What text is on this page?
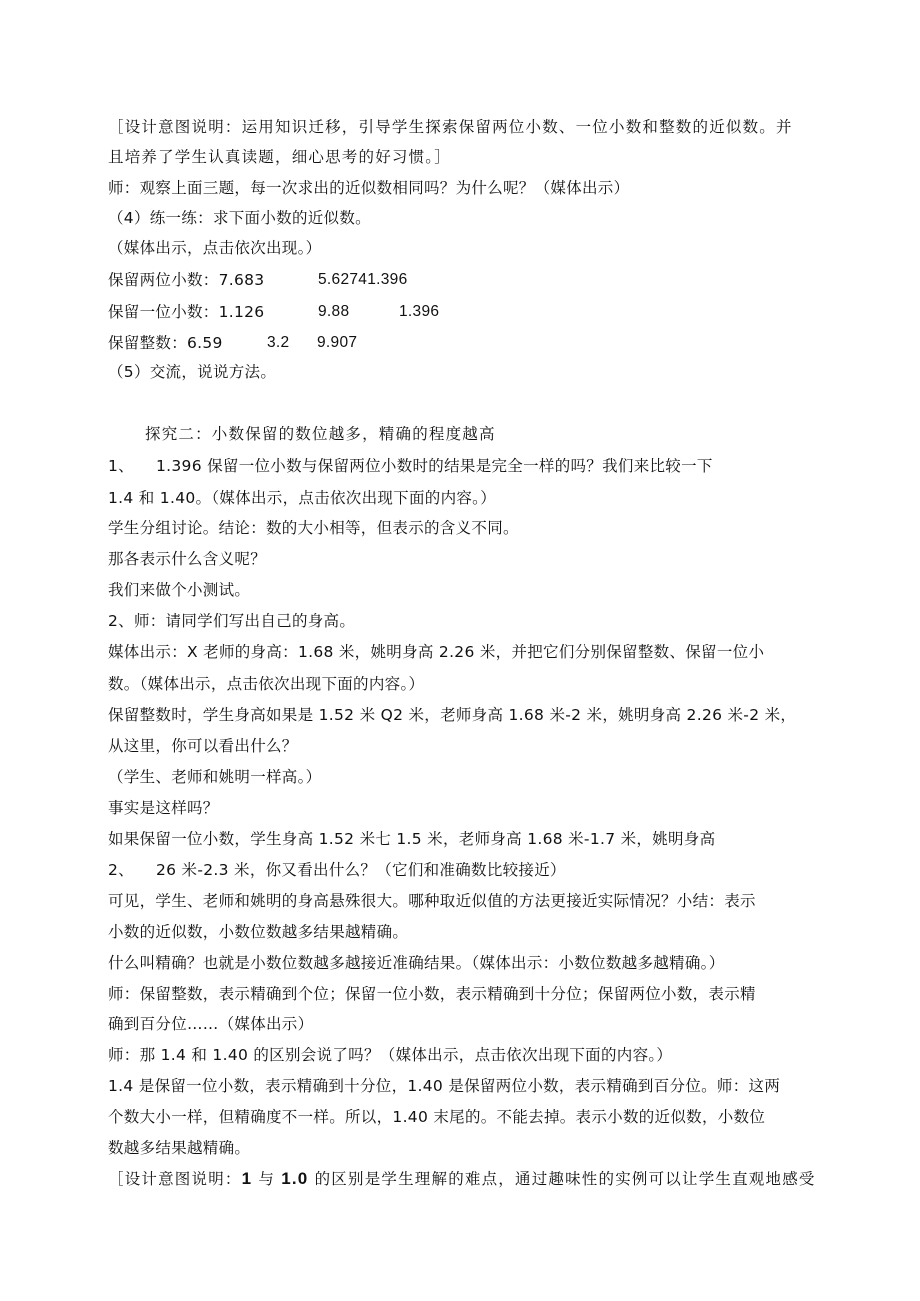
［设计意图说明：运用知识迁移，引导学生探索保留两位小数、一位小数和整数的近似数。并
且培养了学生认真读题，细心思考的好习惯。］
师：观察上面三题，每一次求出的近似数相同吗？为什么呢？（媒体出示）
（4）练一练：求下面小数的近似数。
（媒体出示，点击依次出现。）
保留两位小数：7.683	5.62741.396
保留一位小数：1.126	9.88	1.396
保留整数：6.59	3.2 9.907
（5）交流，说说方法。
探究二：小数保留的数位越多，精确的程度越高
1、 1.396 保留一位小数与保留两位小数时的结果是完全一样的吗？我们来比较一下
1.4 和 1.40。（媒体出示，点击依次出现下面的内容。）
学生分组讨论。结论：数的大小相等，但表示的含义不同。
那各表示什么含义呢？
我们来做个小测试。
2、师：请同学们写出自己的身高。
媒体出示：X 老师的身高：1.68 米，姚明身高 2.26 米，并把它们分别保留整数、保留一位小
数。（媒体出示，点击依次出现下面的内容。）
保留整数时，学生身高如果是 1.52 米 Q2 米，老师身高 1.68 米-2 米，姚明身高 2.26 米-2 米，
从这里，你可以看出什么？
（学生、老师和姚明一样高。）
事实是这样吗？
如果保留一位小数，学生身高 1.52 米七 1.5 米，老师身高 1.68 米-1.7 米，姚明身高
2、 26 米-2.3 米，你又看出什么？（它们和准确数比较接近）
可见，学生、老师和姚明的身高悬殊很大。哪种取近似值的方法更接近实际情况？小结：表示
小数的近似数，小数位数越多结果越精确。
什么叫精确？也就是小数位数越多越接近准确结果。（媒体出示：小数位数越多越精确。）
师：保留整数，表示精确到个位；保留一位小数，表示精确到十分位；保留两位小数，表示精
确到百分位……（媒体出示）
师：那 1.4 和 1.40 的区别会说了吗？（媒体出示，点击依次出现下面的内容。）
1.4 是保留一位小数，表示精确到十分位，1.40 是保留两位小数，表示精确到百分位。师：这两
个数大小一样，但精确度不一样。所以，1.40 末尾的。不能去掉。表示小数的近似数，小数位
数越多结果越精确。
［设计意图说明：1 与 1.0 的区别是学生理解的难点，通过趣味性的实例可以让学生直观地感受
